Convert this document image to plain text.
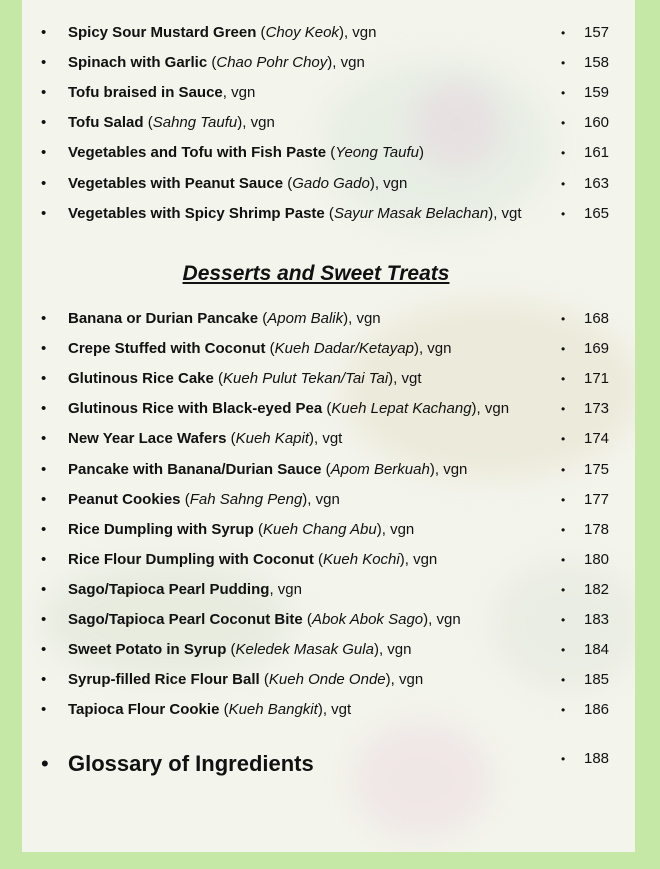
• Spicy Sour Mustard Green (Choy Keok), vgn	• 157
• Spinach with Garlic (Chao Pohr Choy), vgn	• 158
• Tofu braised in Sauce, vgn	• 159
• Tofu Salad (Sahng Taufu), vgn	• 160
• Vegetables and Tofu with Fish Paste (Yeong Taufu)	• 161
• Vegetables with Peanut Sauce (Gado Gado), vgn	• 163
• Vegetables with Spicy Shrimp Paste (Sayur Masak Belachan), vgt	• 165
• Banana or Durian Pancake (Apom Balik), vgn	• 168
• Crepe Stuffed with Coconut (Kueh Dadar/Ketayap), vgn	• 169
• Glutinous Rice Cake (Kueh Pulut Tekan/Tai Tai), vgt	• 171
• Glutinous Rice with Black-eyed Pea (Kueh Lepat Kachang), vgn	• 173
• New Year Lace Wafers (Kueh Kapit), vgt	• 174
• Pancake with Banana/Durian Sauce (Apom Berkuah), vgn	• 175
• Peanut Cookies (Fah Sahng Peng), vgn	• 177
• Rice Dumpling with Syrup (Kueh Chang Abu), vgn	• 178
• Rice Flour Dumpling with Coconut (Kueh Kochi), vgn	• 180
• Sago/Tapioca Pearl Pudding, vgn	• 182
• Sago/Tapioca Pearl Coconut Bite (Abok Abok Sago), vgn	• 183
• Sweet Potato in Syrup (Keledek Masak Gula), vgn	• 184
• Syrup-filled Rice Flour Ball (Kueh Onde Onde), vgn	• 185
• Tapioca Flour Cookie (Kueh Bangkit), vgt	• 186
• Glossary of Ingredients	• 188
Desserts and Sweet Treats
